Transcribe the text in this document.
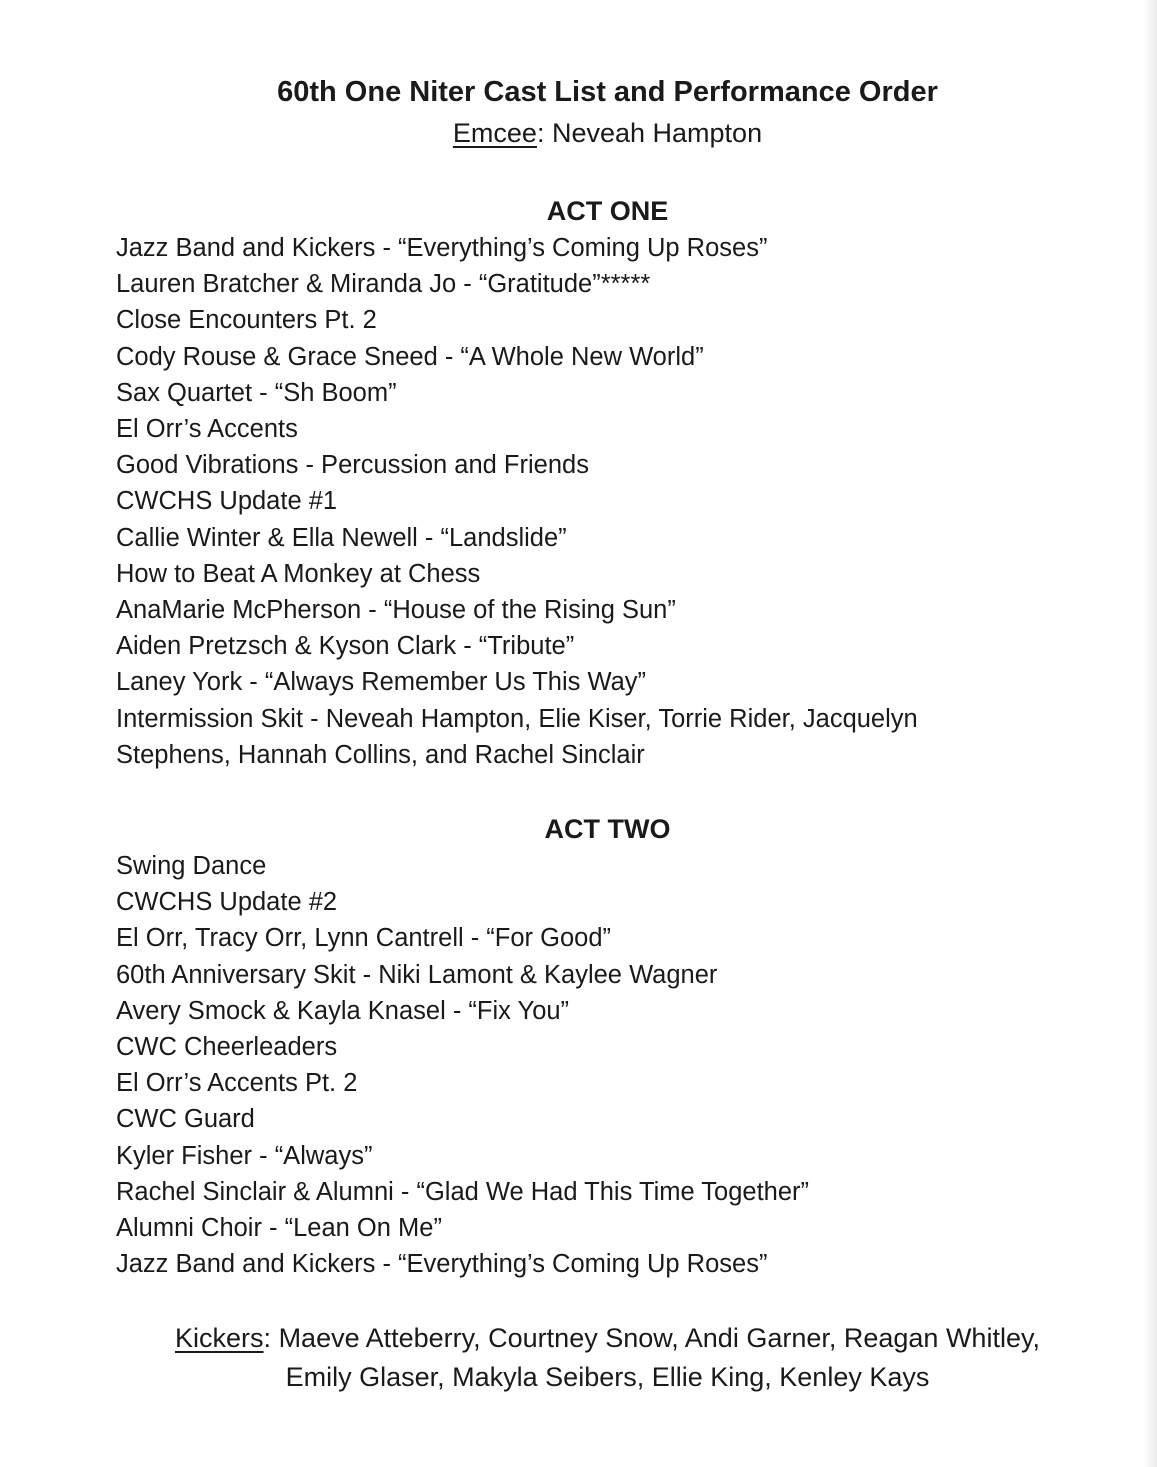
60th One Niter Cast List and Performance Order
Emcee: Neveah Hampton
ACT ONE
Jazz Band and Kickers - “Everything’s Coming Up Roses”
Lauren Bratcher & Miranda Jo - “Gratitude”*****
Close Encounters Pt. 2
Cody Rouse & Grace Sneed - “A Whole New World”
Sax Quartet - “Sh Boom”
El Orr’s Accents
Good Vibrations - Percussion and Friends
CWCHS Update #1
Callie Winter & Ella Newell - “Landslide”
How to Beat A Monkey at Chess
AnaMarie McPherson - “House of the Rising Sun”
Aiden Pretzsch & Kyson Clark - “Tribute”
Laney York - “Always Remember Us This Way”
Intermission Skit - Neveah Hampton, Elie Kiser, Torrie Rider, Jacquelyn
Stephens, Hannah Collins, and Rachel Sinclair
ACT TWO
Swing Dance
CWCHS Update #2
El Orr, Tracy Orr, Lynn Cantrell - “For Good”
60th Anniversary Skit - Niki Lamont & Kaylee Wagner
Avery Smock & Kayla Knasel - “Fix You”
CWC Cheerleaders
El Orr’s Accents Pt. 2
CWC Guard
Kyler Fisher - “Always”
Rachel Sinclair & Alumni - “Glad We Had This Time Together”
Alumni Choir - “Lean On Me”
Jazz Band and Kickers - “Everything’s Coming Up Roses”
Kickers: Maeve Atteberry, Courtney Snow, Andi Garner, Reagan Whitley,
Emily Glaser, Makyla Seibers, Ellie King, Kenley Kays
